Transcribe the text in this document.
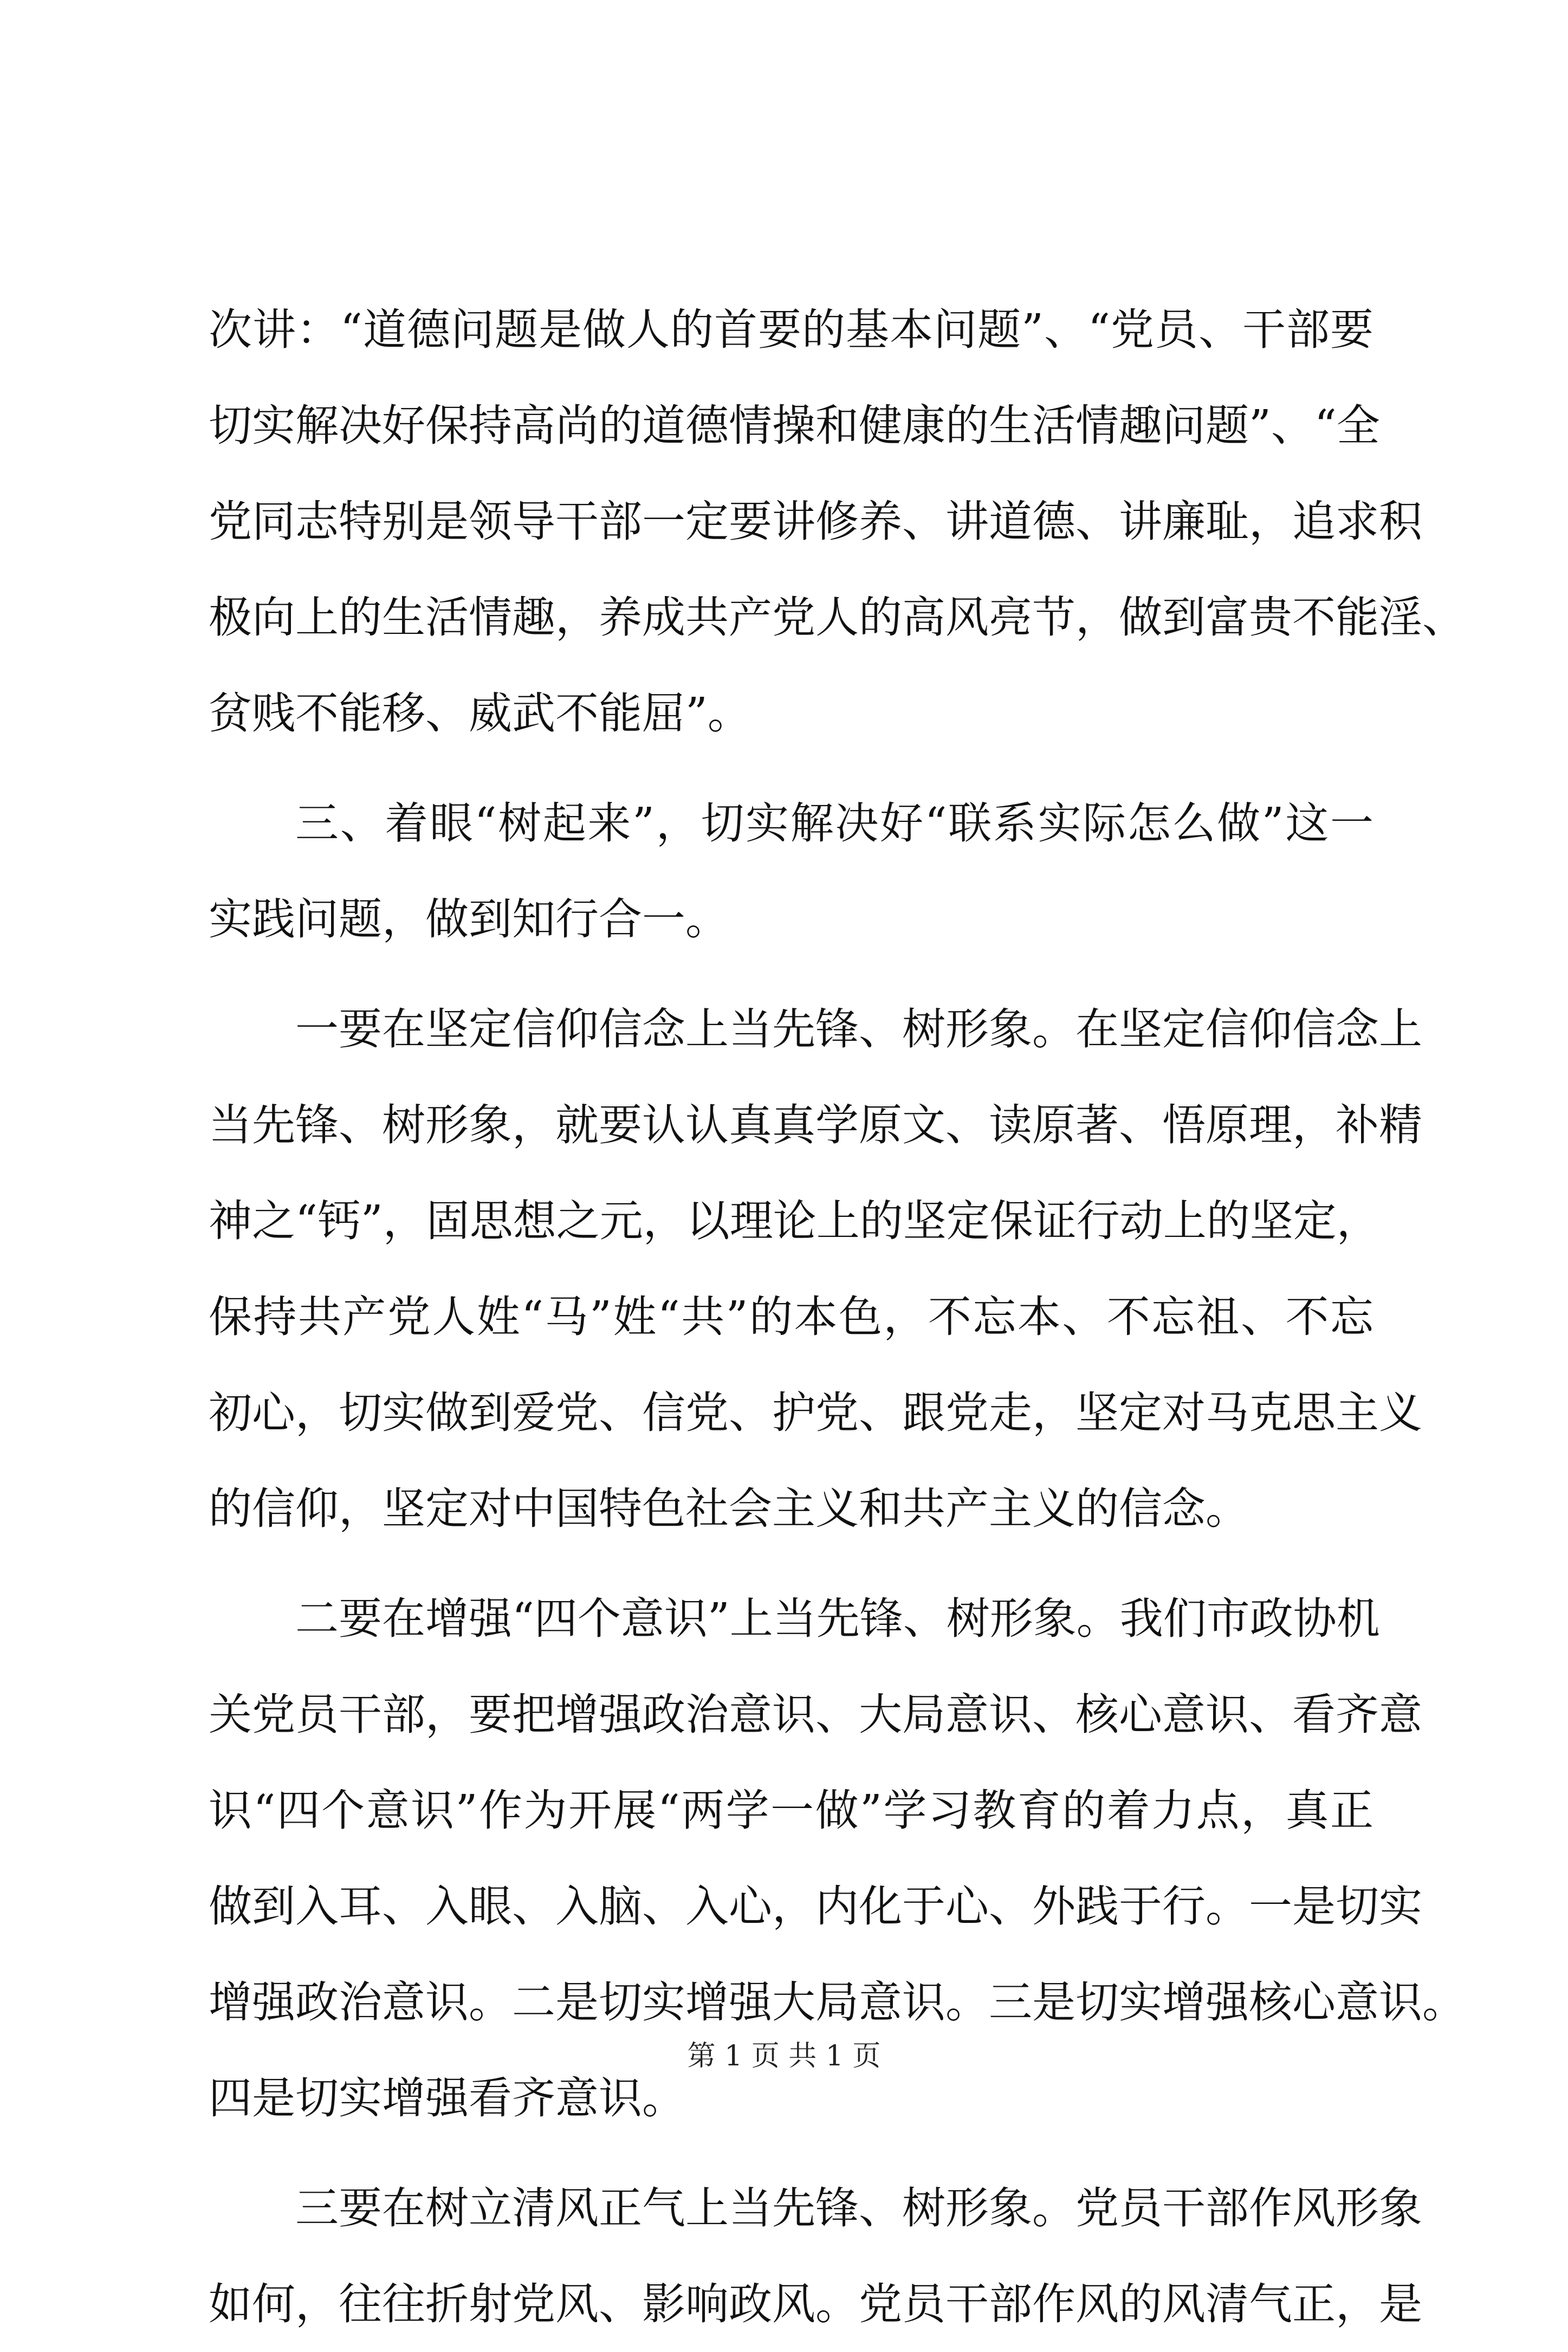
次讲：“道德问题是做人的首要的基本问题”、“党员、干部要
切实解决好保持高尚的道德情操和健康的生活情趣问题”、“全
党同志特别是领导干部一定要讲修养、讲道德、讲廉耻，追求积
极向上的生活情趣，养成共产党人的高风亮节，做到富贵不能淫、
贫贱不能移、威武不能屈”。
三、着眼“树起来”，切实解决好“联系实际怎么做”这一
实践问题，做到知行合一。
一要在坚定信仰信念上当先锋、树形象。在坚定信仰信念上
当先锋、树形象，就要认认真真学原文、读原著、悟原理，补精
神之“钙”，固思想之元，以理论上的坚定保证行动上的坚定，
保持共产党人姓“马”姓“共”的本色，不忘本、不忘祖、不忘
初心，切实做到爱党、信党、护党、跟党走，坚定对马克思主义
的信仰，坚定对中国特色社会主义和共产主义的信念。
二要在增强“四个意识”上当先锋、树形象。我们市政协机
关党员干部，要把增强政治意识、大局意识、核心意识、看齐意
识“四个意识”作为开展“两学一做”学习教育的着力点，真正
做到入耳、入眼、入脑、入心，内化于心、外践于行。一是切实
增强政治意识。二是切实增强大局意识。三是切实增强核心意识。
四是切实增强看齐意识。
三要在树立清风正气上当先锋、树形象。党员干部作风形象
如何，往往折射党风、影响政风。党员干部作风的风清气正，是
第 1 页 共 1 页
